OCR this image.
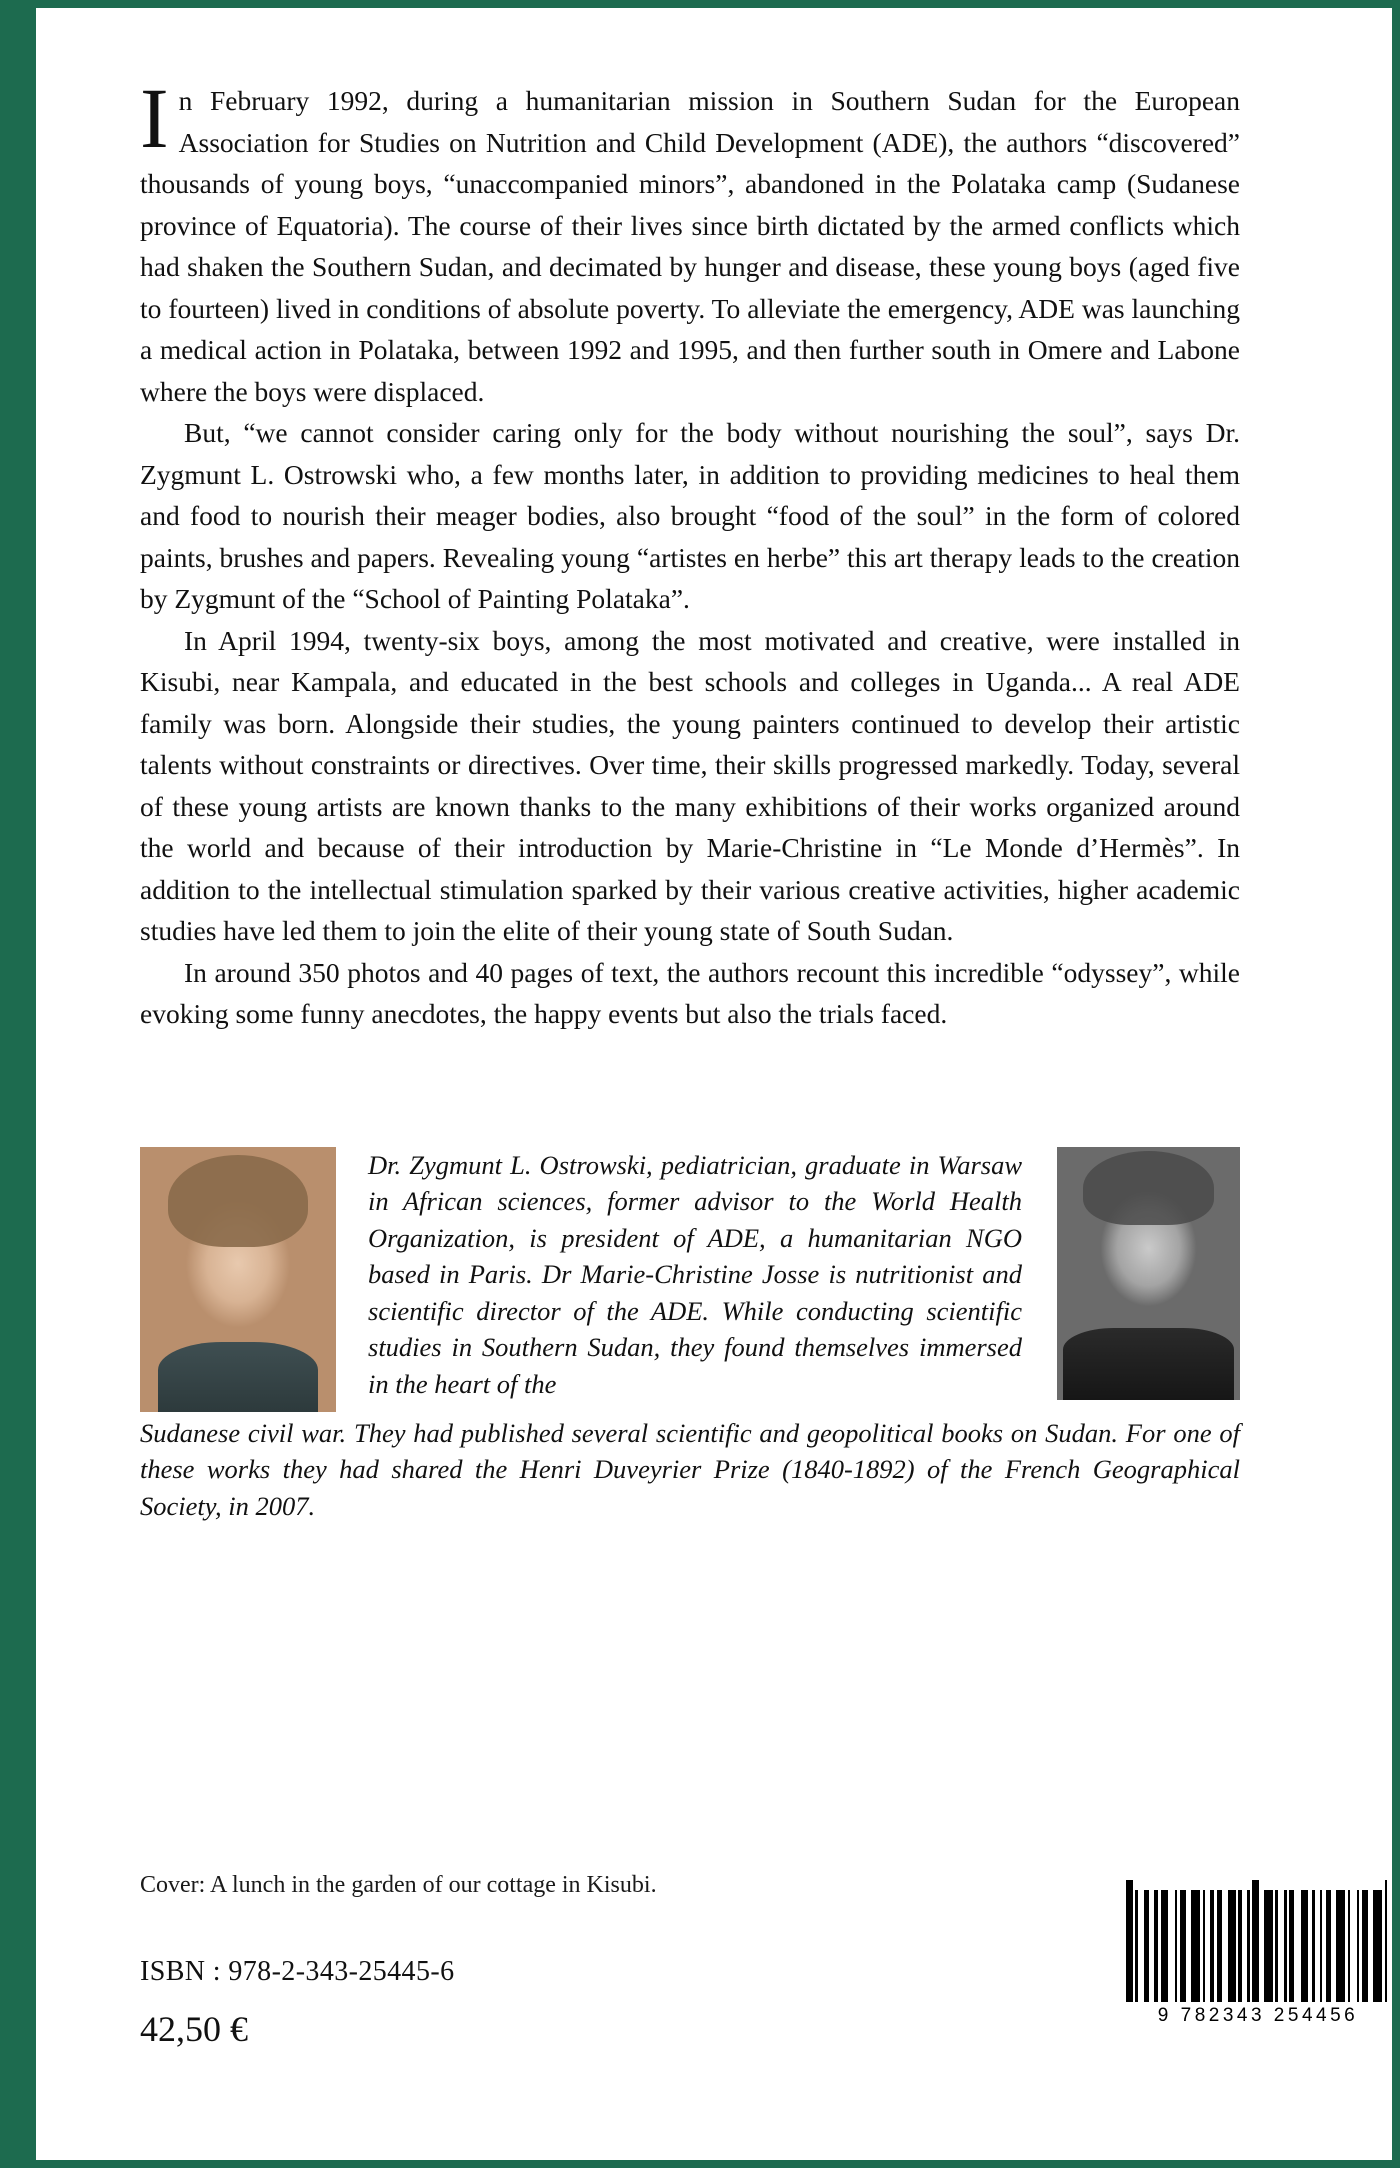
In February 1992, during a humanitarian mission in Southern Sudan for the European Association for Studies on Nutrition and Child Development (ADE), the authors “discovered” thousands of young boys, “unaccompanied minors”, abandoned in the Polataka camp (Sudanese province of Equatoria). The course of their lives since birth dictated by the armed conflicts which had shaken the Southern Sudan, and decimated by hunger and disease, these young boys (aged five to fourteen) lived in conditions of absolute poverty. To alleviate the emergency, ADE was launching a medical action in Polataka, between 1992 and 1995, and then further south in Omere and Labone where the boys were displaced.

But, “we cannot consider caring only for the body without nourishing the soul”, says Dr. Zygmunt L. Ostrowski who, a few months later, in addition to providing medicines to heal them and food to nourish their meager bodies, also brought “food of the soul” in the form of colored paints, brushes and papers. Revealing young “artistes en herbe” this art therapy leads to the creation by Zygmunt of the “School of Painting Polataka”.

In April 1994, twenty-six boys, among the most motivated and creative, were installed in Kisubi, near Kampala, and educated in the best schools and colleges in Uganda... A real ADE family was born. Alongside their studies, the young painters continued to develop their artistic talents without constraints or directives. Over time, their skills progressed markedly. Today, several of these young artists are known thanks to the many exhibitions of their works organized around the world and because of their introduction by Marie-Christine in “Le Monde d’Hermès”. In addition to the intellectual stimulation sparked by their various creative activities, higher academic studies have led them to join the elite of their young state of South Sudan.

In around 350 photos and 40 pages of text, the authors recount this incredible “odyssey”, while evoking some funny anecdotes, the happy events but also the trials faced.

Dr. Zygmunt L. Ostrowski, pediatrician, graduate in Warsaw in African sciences, former advisor to the World Health Organization, is president of ADE, a humanitarian NGO based in Paris. Dr Marie-Christine Josse is nutritionist and scientific director of the ADE. While conducting scientific studies in Southern Sudan, they found themselves immersed in the heart of the
Sudanese civil war. They had published several scientific and geopolitical books on Sudan. For one of these works they had shared the Henri Duveyrier Prize (1840-1892) of the French Geographical Society, in 2007.
Cover: A lunch in the garden of our cottage in Kisubi.
ISBN : 978-2-343-25445-6
42,50 €	9 782343 254456
